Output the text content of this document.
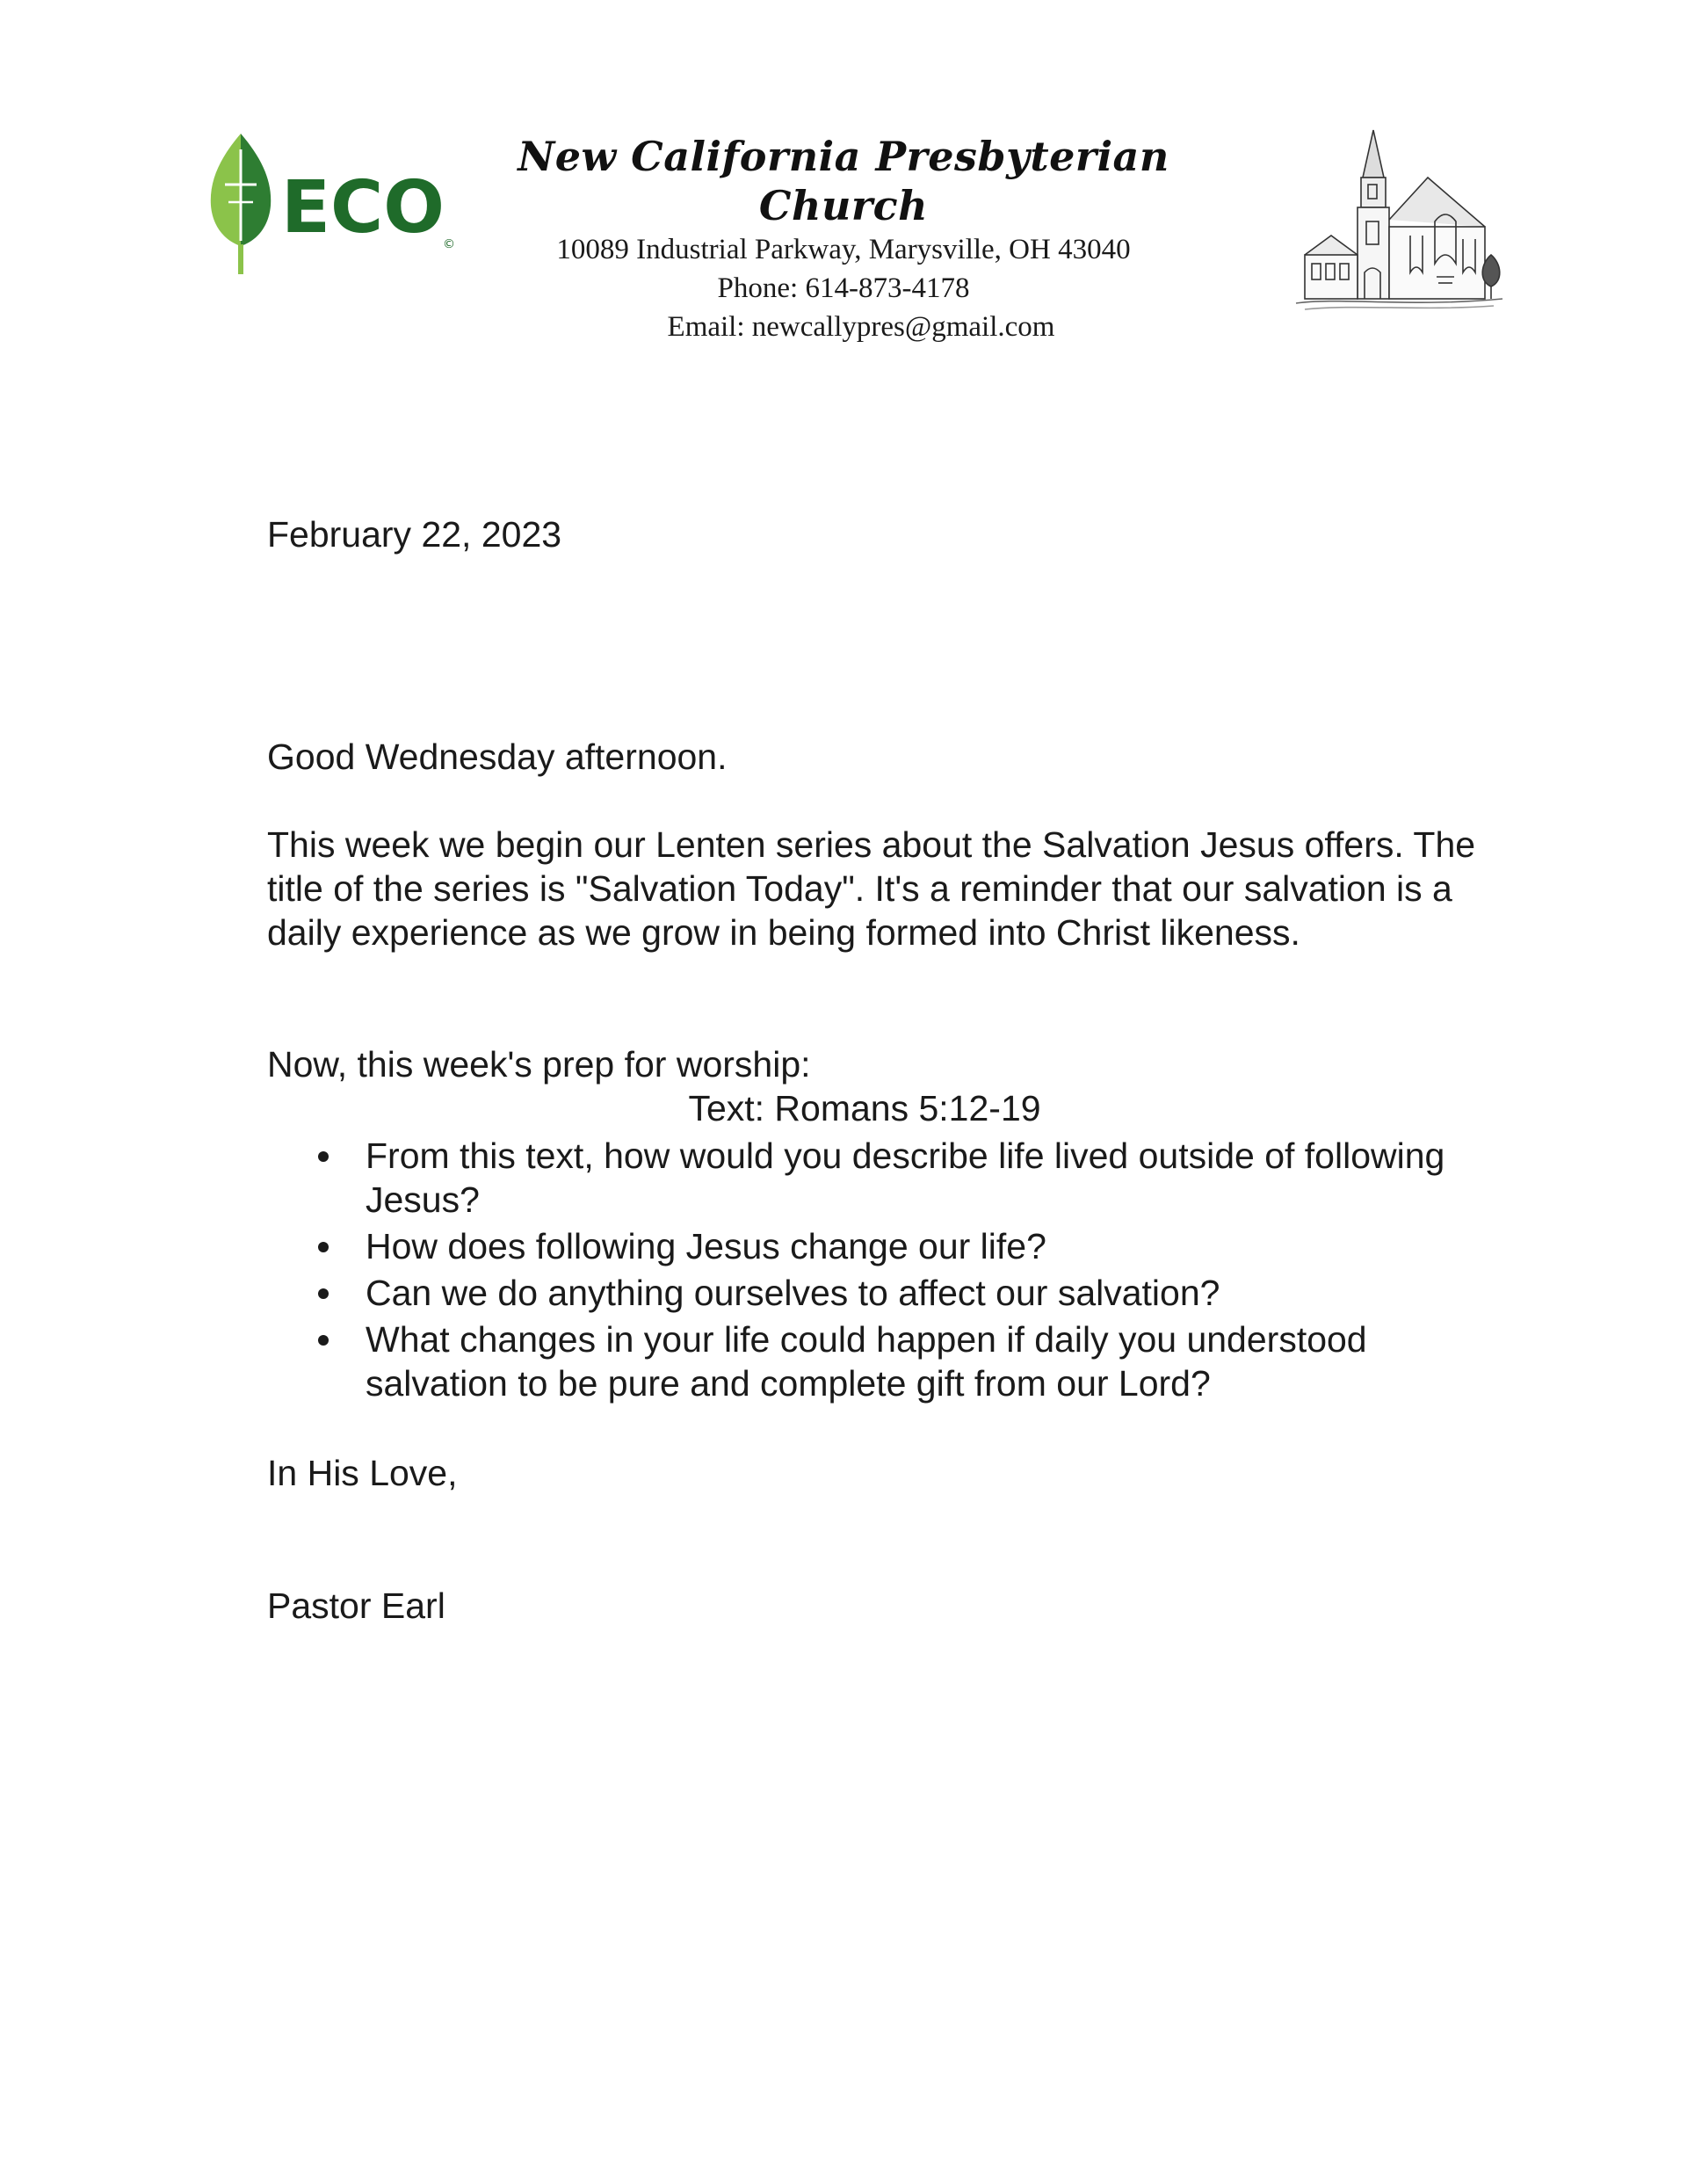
ECO
©

New California Presbyterian Church

10089 Industrial Parkway, Marysville, OH 43040

Phone: 614-873-4178

Email: newcallypres@gmail.com

February 22, 2023

Good Wednesday afternoon.

This week we begin our Lenten series about the Salvation Jesus offers. The title of the series is "Salvation Today". It's a reminder that our salvation is a daily experience as we grow in being formed into Christ likeness.

Now, this week's prep for worship:

Text: Romans 5:12-19

From this text, how would you describe life lived outside of following Jesus?
How does following Jesus change our life?
Can we do anything ourselves to affect our salvation?
What changes in your life could happen if daily you understood salvation to be pure and complete gift from our Lord?

In His Love,

Pastor Earl
